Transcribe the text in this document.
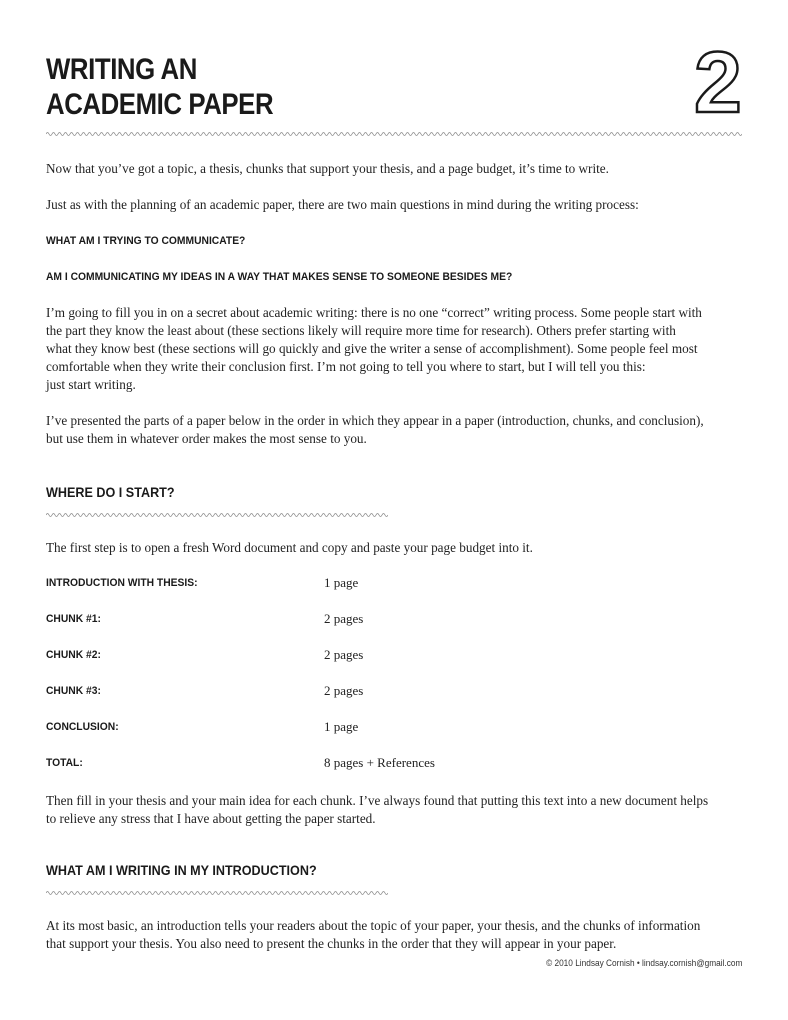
WRITING AN
ACADEMIC PAPER	2
Now that you’ve got a topic, a thesis, chunks that support your thesis, and a page budget, it’s time to write.
Just as with the planning of an academic paper, there are two main questions in mind during the writing process:
WHAT AM I TRYING TO COMMUNICATE?
AM I COMMUNICATING MY IDEAS IN A WAY THAT MAKES SENSE TO SOMEONE BESIDES ME?
I’m going to fill you in on a secret about academic writing: there is no one “correct” writing process. Some people start with
the part they know the least about (these sections likely will require more time for research). Others prefer starting with
what they know best (these sections will go quickly and give the writer a sense of accomplishment). Some people feel most
comfortable when they write their conclusion first. I’m not going to tell you where to start, but I will tell you this:
just start writing.
I’ve presented the parts of a paper below in the order in which they appear in a paper (introduction, chunks, and conclusion),
but use them in whatever order makes the most sense to you.
WHERE DO I START?
The first step is to open a fresh Word document and copy and paste your page budget into it.
INTRODUCTION WITH THESIS:	1 page
CHUNK #1:	2 pages
CHUNK #2:	2 pages
CHUNK #3:	2 pages
CONCLUSION:	1 page
TOTAL:	8 pages + References
Then fill in your thesis and your main idea for each chunk. I’ve always found that putting this text into a new document helps
to relieve any stress that I have about getting the paper started.
WHAT AM I WRITING IN MY INTRODUCTION?
At its most basic, an introduction tells your readers about the topic of your paper, your thesis, and the chunks of information
that support your thesis. You also need to present the chunks in the order that they will appear in your paper.
© 2010 Lindsay Cornish • lindsay.cornish@gmail.com
